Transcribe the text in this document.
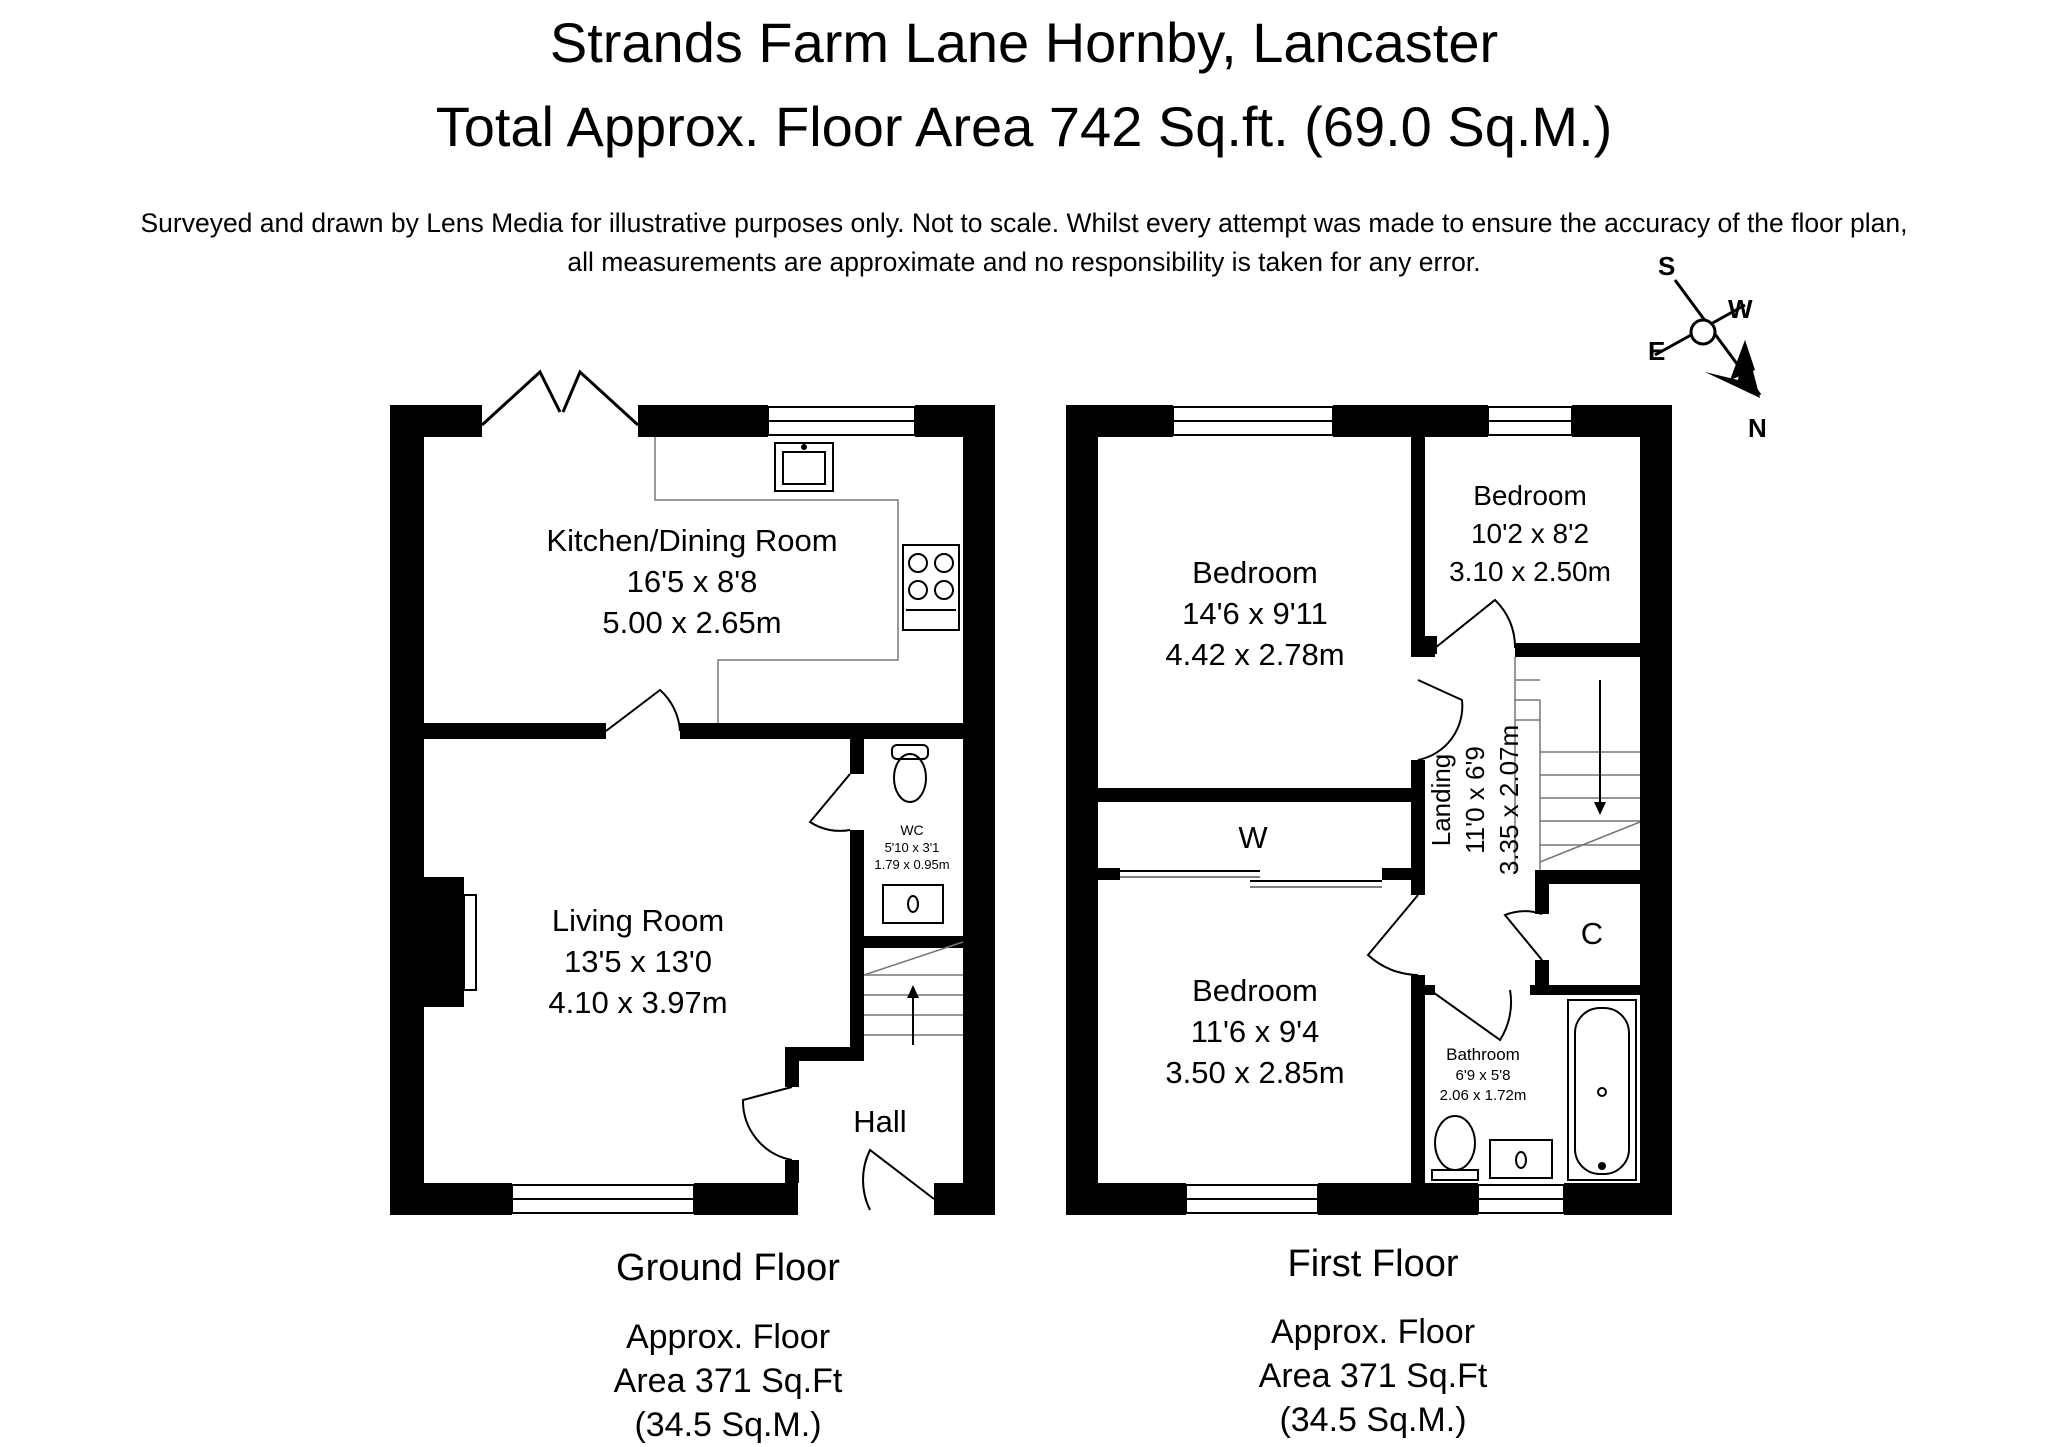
Strands Farm Lane Hornby, Lancaster
Total Approx. Floor Area 742 Sq.ft. (69.0 Sq.M.)
Surveyed and drawn by Lens Media for illustrative purposes only. Not to scale. Whilst every attempt was made to ensure the accuracy of the floor plan,
all measurements are approximate and no responsibility is taken for any error.	S
W
E
N
Kitchen/Dining Room
16'5 x 8'8
5.00 x 2.65m
Living Room
13'5 x 13'0
4.10 x 3.97m
WC
5'10 x 3'1
1.79 x 0.95m
Hall
Bedroom
14'6 x 9'11
4.42 x 2.78m
Bedroom
10'2 x 8'2
3.10 x 2.50m
Bedroom
11'6 x 9'4
3.50 x 2.85m
W
C
Bathroom
6'9 x 5'8
2.06 x 1.72m
Landing 11'0 x 6'9 3.35 x 2.07m
Ground Floor
Approx. Floor
Area 371 Sq.Ft
(34.5 Sq.M.)
First Floor
Approx. Floor
Area 371 Sq.Ft
(34.5 Sq.M.)
